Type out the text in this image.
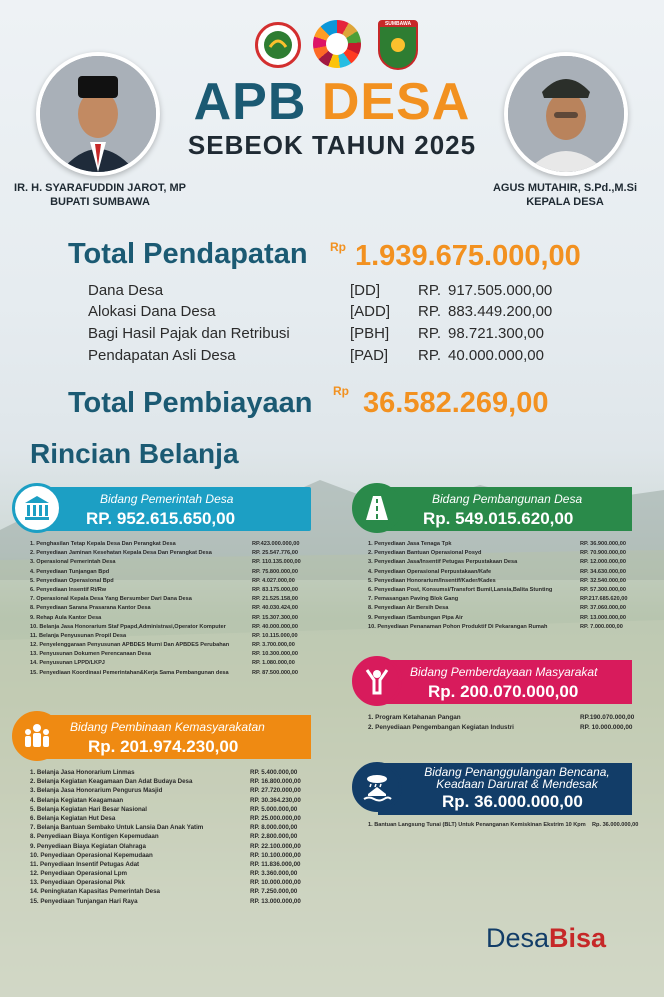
SUMBAWA
APB DESA
SEBEOK TAHUN 2025
IR. H. SYARAFUDDIN JAROT, MP
BUPATI SUMBAWA
AGUS MUTAHIR, S.Pd.,M.Si
KEPALA DESA
Total Pendapatan Rp 1.939.675.000,00
Dana Desa	[DD]	RP. 917.505.000,00
Alokasi Dana Desa	[ADD] RP. 883.449.200,00
Bagi Hasil Pajak dan Retribusi	[PBH] RP. 98.721.300,00
Pendapatan Asli Desa	[PAD] RP. 40.000.000,00
Total Pembiayaan Rp 36.582.269,00
Rincian Belanja
Bidang Pemerintah Desa
RP. 952.615.650,00
1. Penghasilan Tetap Kepala Desa Dan Perangkat Desa	RP.423.000.000,00
2. Penyediaan Jaminan Kesehatan Kepala Desa Dan Perangkat Desa	RP. 25.547.776,00
3. Operasional Pemerintah Desa	RP. 110.135.000,00
4. Penyediaan Tunjangan Bpd	RP. 75.800.000,00
5. Penyediaan Operasional Bpd	RP. 4.027.000,00
6. Penyediaan Insentif Rt/Rw	RP. 83.175.000,00
7. Operasional Kepala Desa Yang Bersumber Dari Dana Desa	RP. 21.525.158,00
8. Penyediaan Sarana Prasarana Kantor Desa	RP. 40.030.424,00
9. Rehap Aula Kantor Desa	RP. 15.307.300,00
10. Belanja Jasa Honorarium Staf Ppapd,Administrasi,Operator Komputer	RP. 40.000.000,00
11. Belanja Penyusunan Propil Desa	RP. 10.115.000,00
12. Penyelenggaraan Penyusunan APBDES Murni Dan APBDES Perubahan	RP. 3.700.000,00
13. Penyusunan Dokumen Perencanaan Desa	RP. 10.300.000,00
14. Penyusunan LPPD/LKPJ	RP. 1.080.000,00
15. Penyediaan Koordinasi Pemerintahan&Kerja Sama Pembangunan desa	RP. 87.500.000,00
Bidang Pembangunan Desa
Rp. 549.015.620,00
1. Penyediaan Jasa Tenaga Tpk	RP. 36.900.000,00
2. Penyediaan Bantuan Operasional Posyd	RP. 70.900.000,00
3. Penyediaan Jasa/Insentif Petugas Perpustakaan Desa	RP. 12.000.000,00
4. Penyediaan Operasional Perpustakaan/Kafe	RP. 34.630.000,00
5. Penyediaan Honorarium/Insentif/Kader/Kades	RP. 32.540.000,00
6. Penyediaan Post, Konsumsi/Transfort Bumil,Lansia,Balita Stunting	RP. 57.300.000,00
7. Pemasangan Paving Blok Gang	RP.217.685.620,00
8. Penyediaan Air Bersih Desa	RP. 37.060.000,00
9. Penyediaan /Sambungan Pipa Air	RP. 13.000.000,00
10. Penyediaan Penanaman Pohon Produktif Di Pekarangan Rumah	RP. 7.000.000,00
Bidang Pemberdayaan Masyarakat
Rp. 200.070.000,00
1. Program Ketahanan Pangan	RP.190.070.000,00
2. Penyediaan Pengembangan Kegiatan Industri	RP. 10.000.000,00
Bidang Pembinaan Kemasyarakatan
Rp. 201.974.230,00
1. Belanja Jasa Honorarium Linmas	RP. 5.400.000,00
2. Belanja Kegiatan Keagamaan Dan Adat Budaya Desa	RP. 16.800.000,00
3. Belanja Jasa Honorarium Pengurus Masjid	RP. 27.720.000,00
4. Belanja Kegiatan Keagamaan	RP. 30.364.230,00
5. Belanja Kegiatan Hari Besar Nasional	RP. 5.000.000,00
6. Belanja Kegiatan Hut Desa	RP. 25.000.000,00
7. Belanja Bantuan Sembako Untuk Lansia Dan Anak Yatim	RP. 8.000.000,00
8. Penyediaan Biaya Kontigen Kepemudaan	RP. 2.800.000,00
9. Penyediaan Biaya Kegiatan Olahraga	RP. 22.100.000,00
10. Penyediaan Operasional Kepemudaan	RP. 10.100.000,00
11. Penyediaan Insentif Petugas Adat	RP. 11.836.000,00
12. Penyediaan Operasional Lpm	RP. 3.360.000,00
13. Penyediaan Operasional Pkk	RP. 10.000.000,00
14. Peningkatan Kapasitas Pemerintah Desa	RP. 7.250.000,00
15. Penyediaan Tunjangan Hari Raya	RP. 13.000.000,00
Bidang Penanggulangan Bencana,
Keadaan Darurat & Mendesak
Rp. 36.000.000,00
1. Bantuan Langsung Tunai (BLT) Untuk Penanganan Kemiskinan Ekstrim 10 Kpm Rp. 36.000.000,00
DesaBisa
